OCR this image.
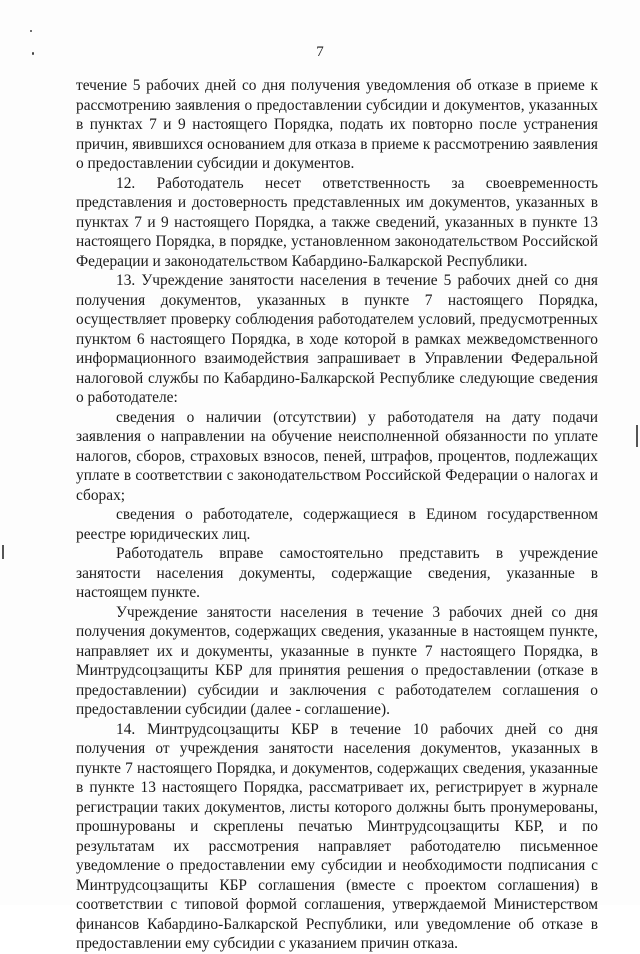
7

течение 5 рабочих дней со дня получения уведомления об отказе в приеме к рассмотрению заявления о предоставлении субсидии и документов, указанных в пунктах 7 и 9 настоящего Порядка, подать их повторно после устранения причин, явившихся основанием для отказа в приеме к рассмотрению заявления о предоставлении субсидии и документов.

12. Работодатель несет ответственность за своевременность представления и достоверность представленных им документов, указанных в пунктах 7 и 9 настоящего Порядка, а также сведений, указанных в пункте 13 настоящего Порядка, в порядке, установленном законодательством Российской Федерации и законодательством Кабардино-Балкарской Республики.

13. Учреждение занятости населения в течение 5 рабочих дней со дня получения документов, указанных в пункте 7 настоящего Порядка, осуществляет проверку соблюдения работодателем условий, предусмотренных пунктом 6 настоящего Порядка, в ходе которой в рамках межведомственного информационного взаимодействия запрашивает в Управлении Федеральной налоговой службы по Кабардино-Балкарской Республике следующие сведения о работодателе:

сведения о наличии (отсутствии) у работодателя на дату подачи заявления о направлении на обучение неисполненной обязанности по уплате налогов, сборов, страховых взносов, пеней, штрафов, процентов, подлежащих уплате в соответствии с законодательством Российской Федерации о налогах и сборах;

сведения о работодателе, содержащиеся в Едином государственном реестре юридических лиц.

Работодатель вправе самостоятельно представить в учреждение занятости населения документы, содержащие сведения, указанные в настоящем пункте.

Учреждение занятости населения в течение 3 рабочих дней со дня получения документов, содержащих сведения, указанные в настоящем пункте, направляет их и документы, указанные в пункте 7 настоящего Порядка, в Минтрудсоцзащиты КБР для принятия решения о предоставлении (отказе в предоставлении) субсидии и заключения с работодателем соглашения о предоставлении субсидии (далее - соглашение).

14. Минтрудсоцзащиты КБР в течение 10 рабочих дней со дня получения от учреждения занятости населения документов, указанных в пункте 7 настоящего Порядка, и документов, содержащих сведения, указанные в пункте 13 настоящего Порядка, рассматривает их, регистрирует в журнале регистрации таких документов, листы которого должны быть пронумерованы, прошнурованы и скреплены печатью Минтрудсоцзащиты КБР, и по результатам их рассмотрения направляет работодателю письменное уведомление о предоставлении ему субсидии и необходимости подписания с Минтрудсоцзащиты КБР соглашения (вместе с проектом соглашения) в соответствии с типовой формой соглашения, утверждаемой Министерством финансов Кабардино-Балкарской Республики, или уведомление об отказе в предоставлении ему субсидии с указанием причин отказа.
